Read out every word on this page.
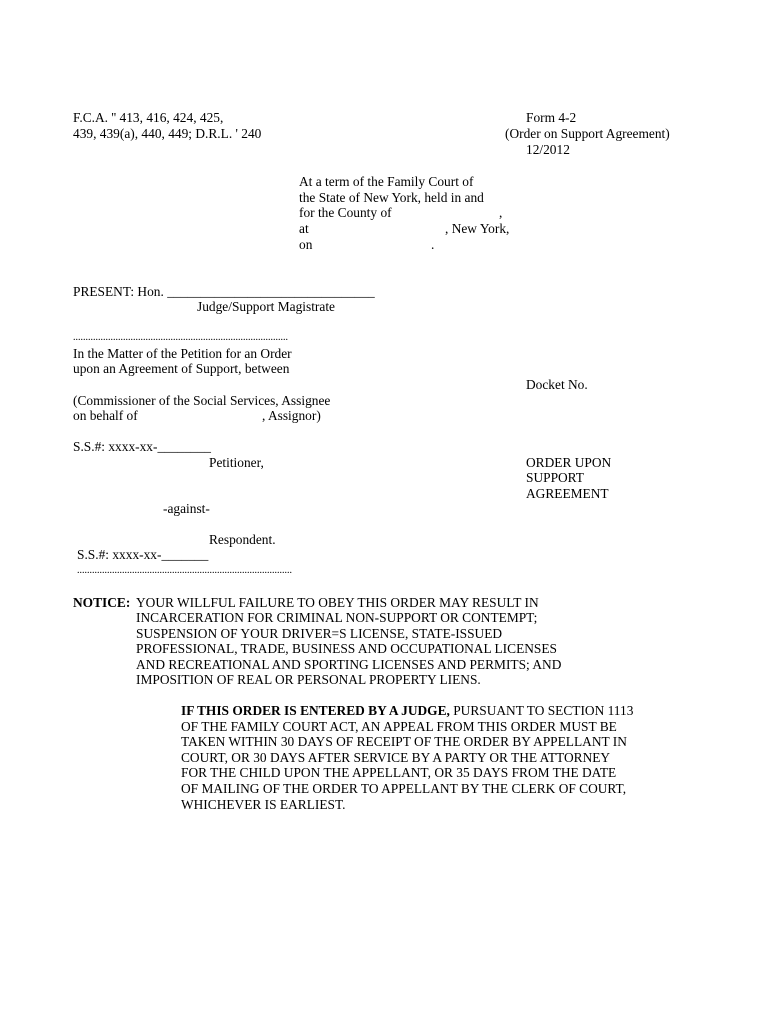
F.C.A. '' 413, 416, 424, 425,
439, 439(a), 440, 449; D.R.L. ' 240
Form 4-2
(Order on Support Agreement)
12/2012
At a term of the Family Court of
the State of New York, held in and
for the County of	,
at	, New York,
on	.
PRESENT: Hon. _______________________________
Judge/Support Magistrate
......................................................................................
In the Matter of the Petition for an Order
upon an Agreement of Support, between
Docket No.
(Commissioner of the Social Services, Assignee
on behalf of	, Assignor)
S.S.#: xxxx-xx-________
Petitioner,	ORDER UPON
SUPPORT
AGREEMENT
-against-
Respondent.
S.S.#: xxxx-xx-_______
......................................................................................
NOTICE: YOUR WILLFUL FAILURE TO OBEY THIS ORDER MAY RESULT IN
INCARCERATION FOR CRIMINAL NON-SUPPORT OR CONTEMPT;
SUSPENSION OF YOUR DRIVER=S LICENSE, STATE-ISSUED
PROFESSIONAL, TRADE, BUSINESS AND OCCUPATIONAL LICENSES
AND RECREATIONAL AND SPORTING LICENSES AND PERMITS; AND
IMPOSITION OF REAL OR PERSONAL PROPERTY LIENS.
IF THIS ORDER IS ENTERED BY A JUDGE, PURSUANT TO SECTION 1113
OF THE FAMILY COURT ACT, AN APPEAL FROM THIS ORDER MUST BE
TAKEN WITHIN 30 DAYS OF RECEIPT OF THE ORDER BY APPELLANT IN
COURT, OR 30 DAYS AFTER SERVICE BY A PARTY OR THE ATTORNEY
FOR THE CHILD UPON THE APPELLANT, OR 35 DAYS FROM THE DATE
OF MAILING OF THE ORDER TO APPELLANT BY THE CLERK OF COURT,
WHICHEVER IS EARLIEST.
